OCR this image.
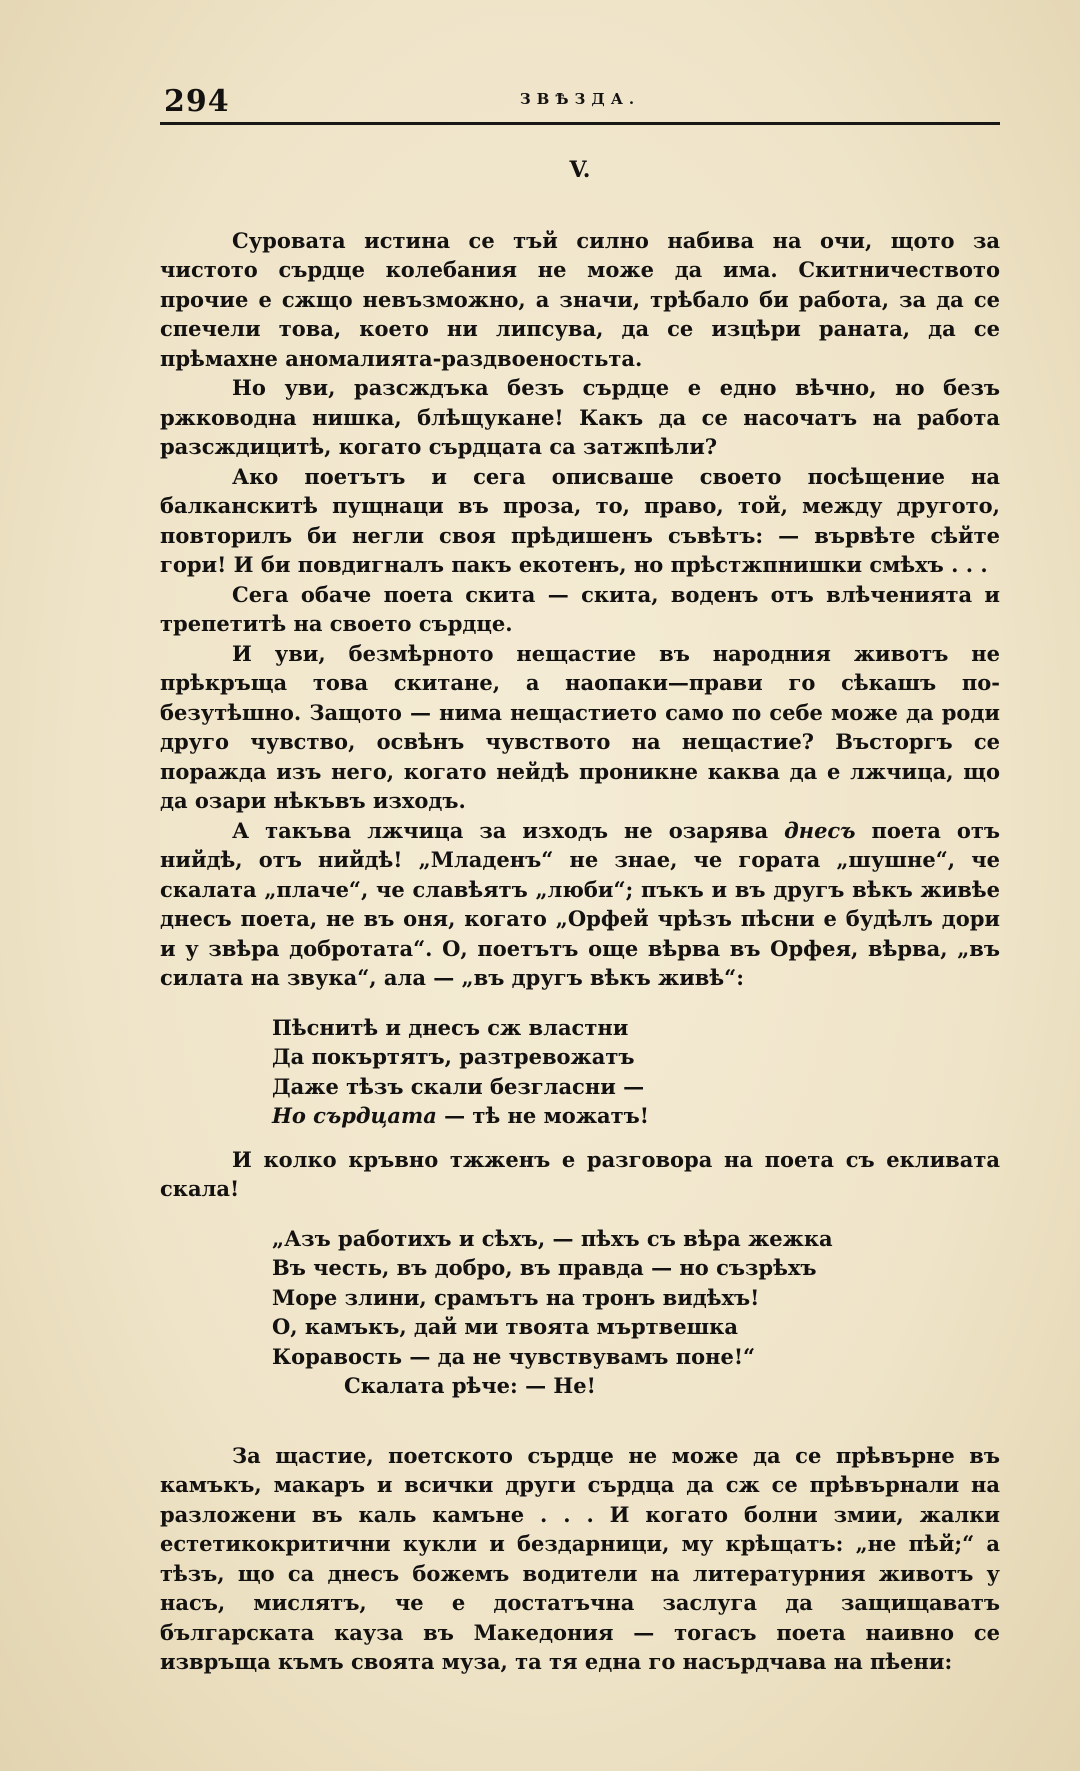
294	ЗВѢЗДА.
V.

Суровата истина се тъй силно набива на очи, щото за чистото сърдце колебания не може да има. Скитничеството прочие е сжщо невъзможно, а значи, трѣбало би работа, за да се спечели това, което ни липсува, да се изцѣри раната, да се прѣмахне аномалията-раздвоеностьта.

Но уви, разсждъка безъ сърдце е едно вѣчно, но безъ ржководна нишка, блѣщукане! Какъ да се насочатъ на работа разсждицитѣ, когато сърдцата са затжпѣли?

Ако поетътъ и сега описваше своето посѣщение на балканскитѣ пущнаци въ проза, то, право, той, между другото, повторилъ би негли своя прѣдишенъ съвѣтъ: — вървѣте сѣйте гори! И би повдигналъ пакъ екотенъ, но прѣстжпнишки смѣхъ . . .

Сега обаче поета скита — скита, воденъ отъ влѣченията и трепетитѣ на своето сърдце.

И уви, безмѣрното нещастие въ народния животъ не прѣкръща това скитане, а наопаки—прави го сѣкашъ по-безутѣшно. Защото — нима нещастието само по себе може да роди друго чувство, освѣнъ чувството на нещастие? Въсторгъ се поражда изъ него, когато нейдѣ проникне каква да е лжчица, що да озари нѣкъвъ изходъ.

А такъва лжчица за изходъ не озарява днесъ поета отъ нийдѣ, отъ нийдѣ! „Младенъ“ не знае, че гората „шушне“, че скалата „плаче“, че славѣятъ „люби“; пъкъ и въ другъ вѣкъ живѣе днесъ поета, не въ оня, когато „Орфей чрѣзъ пѣсни е будѣлъ дори и у звѣра добротата“. О, поетътъ още вѣрва въ Орфея, вѣрва, „въ силата на звука“, ала — „въ другъ вѣкъ живѣ“:

Пѣснитѣ и днесъ сж властни
Да покъртятъ, разтревожатъ
Даже тѣзъ скали безгласни —
Но сърдцата — тѣ не можатъ!

И колко кръвно тжженъ е разговора на поета съ екливата скала!

„Азъ работихъ и сѣхъ, — пѣхъ съ вѣра жежка
Въ честь, въ добро, въ правда — но съзрѣхъ
Море злини, срамътъ на тронъ видѣхъ!
О, камъкъ, дай ми твоята мъртвешка
Коравость — да не чувствувамъ поне!“
Скалата рѣче: — Не!

За щастие, поетското сърдце не може да се прѣвърне въ камъкъ, макаръ и всички други сърдца да сж се прѣвърнали на разложени въ каль камъне . . . И когато болни змии, жалки естетикокритични кукли и бездарници, му крѣщатъ: „не пѣй;“ а тѣзъ, що са днесъ божемъ водители на литературния животъ у насъ, мислятъ, че е достатъчна заслуга да защищаватъ българската кауза въ Македония — тогасъ поета наивно се извръща къмъ своята муза, та тя една го насърдчава на пѣени:
